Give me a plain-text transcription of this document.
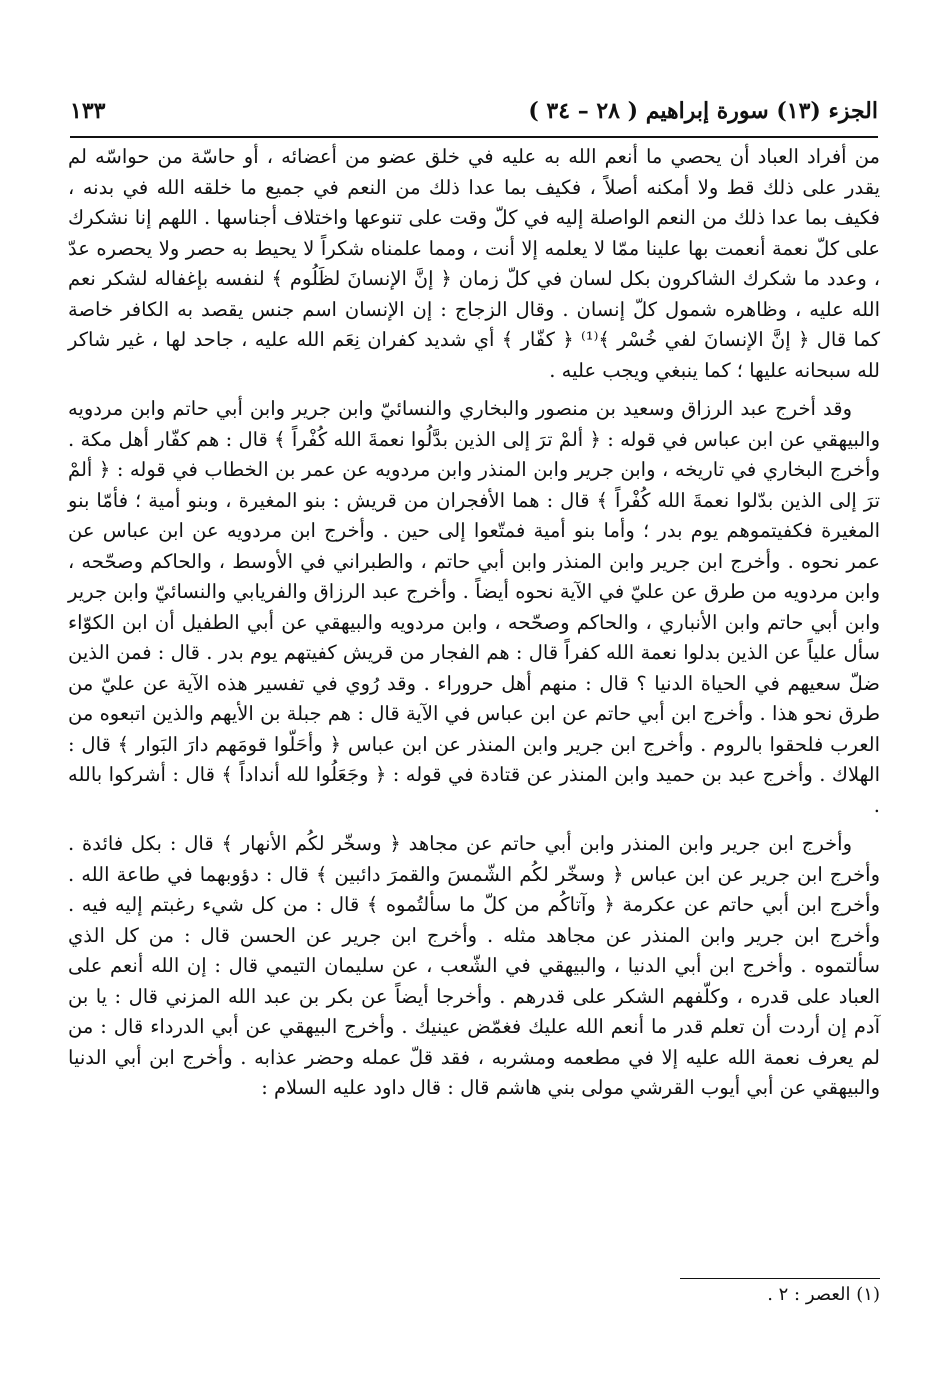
الجزء (١٣) سورة إبراهيم ( ٢٨ – ٣٤ )
١٣٣

من أفراد العباد أن يحصي ما أنعم الله به عليه في خلق عضو من أعضائه ، أو حاسّة من حواسّه لم يقدر على ذلك قط ولا أمكنه أصلاً ، فكيف بما عدا ذلك من النعم في جميع ما خلقه الله في بدنه ، فكيف بما عدا ذلك من النعم الواصلة إليه في كلّ وقت على تنوعها واختلاف أجناسها . اللهم إنا نشكرك على كلّ نعمة أنعمت بها علينا ممّا لا يعلمه إلا أنت ، ومما علمناه شكراً لا يحيط به حصر ولا يحصره عدّ ، وعدد ما شكرك الشاكرون بكل لسان في كلّ زمان ﴿ إنَّ الإنسانَ لظَلُوم ﴾ لنفسه بإغفاله لشكر نعم الله عليه ، وظاهره شمول كلّ إنسان . وقال الزجاج : إن الإنسان اسم جنس يقصد به الكافر خاصة كما قال ﴿ إنَّ الإنسانَ لفي خُسْر ﴾⁽¹⁾ ﴿ كفّار ﴾ أي شديد كفران نِعَم الله عليه ، جاحد لها ، غير شاكر لله سبحانه عليها ؛ كما ينبغي ويجب عليه .

وقد أخرج عبد الرزاق وسعيد بن منصور والبخاري والنسائيّ وابن جرير وابن أبي حاتم وابن مردويه والبيهقي عن ابن عباس في قوله : ﴿ ألمْ ترَ إلى الذين بدَّلُوا نعمةَ الله كُفْراً ﴾ قال : هم كفّار أهل مكة . وأخرج البخاري في تاريخه ، وابن جرير وابن المنذر وابن مردويه عن عمر بن الخطاب في قوله : ﴿ ألمْ ترَ إلى الذين بدّلوا نعمةَ الله كُفْراً ﴾ قال : هما الأفجران من قريش : بنو المغيرة ، وبنو أمية ؛ فأمّا بنو المغيرة فكفيتموهم يوم بدر ؛ وأما بنو أمية فمتّعوا إلى حين . وأخرج ابن مردويه عن ابن عباس عن عمر نحوه . وأخرج ابن جرير وابن المنذر وابن أبي حاتم ، والطبراني في الأوسط ، والحاكم وصحّحه ، وابن مردويه من طرق عن عليّ في الآية نحوه أيضاً . وأخرج عبد الرزاق والفريابي والنسائيّ وابن جرير وابن أبي حاتم وابن الأنباري ، والحاكم وصحّحه ، وابن مردويه والبيهقي عن أبي الطفيل أن ابن الكوّاء سأل علياً عن الذين بدلوا نعمة الله كفراً قال : هم الفجار من قريش كفيتهم يوم بدر . قال : فمن الذين ضلّ سعيهم في الحياة الدنيا ؟ قال : منهم أهل حروراء . وقد رُوي في تفسير هذه الآية عن عليّ من طرق نحو هذا . وأخرج ابن أبي حاتم عن ابن عباس في الآية قال : هم جبلة بن الأيهم والذين اتبعوه من العرب فلحقوا بالروم . وأخرج ابن جرير وابن المنذر عن ابن عباس ﴿ وأحَلّوا قومَهم دارَ البَوار ﴾ قال : الهلاك . وأخرج عبد بن حميد وابن المنذر عن قتادة في قوله : ﴿ وجَعَلُوا لله أنداداً ﴾ قال : أشركوا بالله .

وأخرج ابن جرير وابن المنذر وابن أبي حاتم عن مجاهد ﴿ وسخّر لكُم الأنهار ﴾ قال : بكل فائدة . وأخرج ابن جرير عن ابن عباس ﴿ وسخّر لكُم الشّمسَ والقمرَ دائبين ﴾ قال : دؤوبهما في طاعة الله . وأخرج ابن أبي حاتم عن عكرمة ﴿ وآتاكُم من كلّ ما سألتُموه ﴾ قال : من كل شيء رغبتم إليه فيه . وأخرج ابن جرير وابن المنذر عن مجاهد مثله . وأخرج ابن جرير عن الحسن قال : من كل الذي سألتموه . وأخرج ابن أبي الدنيا ، والبيهقي في الشّعب ، عن سليمان التيمي قال : إن الله أنعم على العباد على قدره ، وكلّفهم الشكر على قدرهم . وأخرجا أيضاً عن بكر بن عبد الله المزني قال : يا بن آدم إن أردت أن تعلم قدر ما أنعم الله عليك فغمّض عينيك . وأخرج البيهقي عن أبي الدرداء قال : من لم يعرف نعمة الله عليه إلا في مطعمه ومشربه ، فقد قلّ عمله وحضر عذابه . وأخرج ابن أبي الدنيا والبيهقي عن أبي أيوب القرشي مولى بني هاشم قال : قال داود عليه السلام :

(١) العصر : ٢ .
